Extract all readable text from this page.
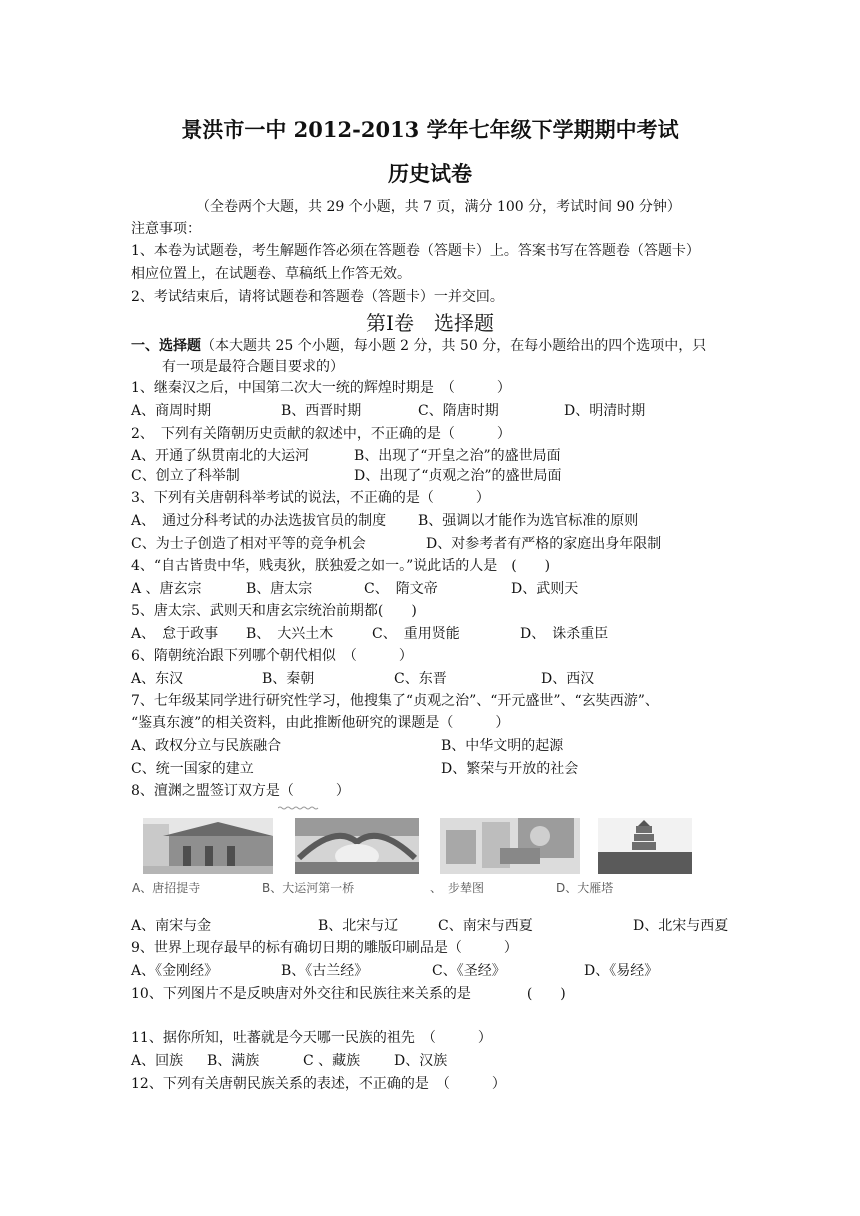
景洪市一中 2012-2013 学年七年级下学期期中考试
历史试卷
（全卷两个大题，共 29 个小题，共 7 页，满分 100 分，考试时间 90 分钟）
注意事项：
1、本卷为试题卷，考生解题作答必须在答题卷（答题卡）上。答案书写在答题卷（答题卡）
相应位置上，在试题卷、草稿纸上作答无效。
2、考试结束后，请将试题卷和答题卷（答题卡）一并交回。
第Ⅰ卷　选择题
一、选择题（本大题共 25 个小题，每小题 2 分，共 50 分，在每小题给出的四个选项中，只
有一项是最符合题目要求的）
1、继秦汉之后，中国第二次大一统的辉煌时期是　（　　　）
A、商周时期	B、西晋时期	C、隋唐时期	D、明清时期
2、　下列有关隋朝历史贡献的叙述中，不正确的是（　　　）
A、开通了纵贯南北的大运河	B、出现了“开皇之治”的盛世局面
C、创立了科举制	D、出现了“贞观之治”的盛世局面
3、下列有关唐朝科举考试的说法，不正确的是（　　　）
A、　通过分科考试的办法选拔官员的制度 B、强调以才能作为选官标准的原则
C、为士子创造了相对平等的竞争机会	D、对参考者有严格的家庭出身年限制
4、“自古皆贵中华，贱夷狄，朕独爱之如一。”说此话的人是　(　　)
A 、唐玄宗	B、唐太宗	C、　隋文帝	D、武则天
5、唐太宗、武则天和唐玄宗统治前期都(　　)
A、　怠于政事 B、　大兴土木	C、　重用贤能	D、　诛杀重臣
6、隋朝统治跟下列哪个朝代相似　（　　　）
A、东汉	B、秦朝	C、东晋	D、西汉
7、七年级某同学进行研究性学习，他搜集了“贞观之治”、“开元盛世”、“玄奘西游”、
“鉴真东渡”的相关资料，由此推断他研究的课题是（　　　）
A、政权分立与民族融合	B、中华文明的起源
C、统一国家的建立	D、繁荣与开放的社会
8、澶渊之盟签订双方是（　　　）
A、唐招提寺	B、大运河第一桥	、　步辇图	D、大雁塔
A、南宋与金	B、北宋与辽	C、南宋与西夏	D、北宋与西夏
9、世界上现存最早的标有确切日期的雕版印刷品是（　　　）
A、《金刚经》	B、《古兰经》	C、《圣经》	D、《易经》
10、下列图片不是反映唐对外交往和民族往来关系的是　　　　(　　)
11、据你所知，吐蕃就是今天哪一民族的祖先　（　　　）
A、回族 B、满族	C 、藏族 D、汉族
12、下列有关唐朝民族关系的表述，不正确的是　（　　　）
